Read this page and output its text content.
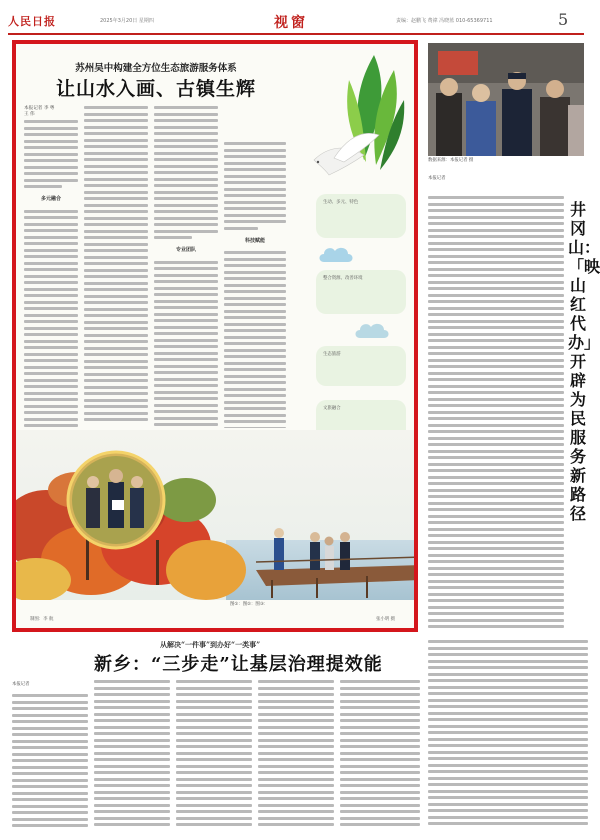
人民日报	2025年3月20日 星期四	视窗	责编：赵鹏飞 费禕 冯晓蓝 010-65369711	5
苏州吴中构建全方位生态旅游服务体系
让山水入画、古镇生辉
本报记者 李 粤
王 伟
多元融合
专业团队
科技赋能
生动、多元、特色
整合资源、改善环境
生态旅游
文旅融合
图①：图②：图③：
制图：李 航	张小明 摄
数据来源：本报记者 摄
本报记者
井冈山：「映山红代办」开辟为民服务新路径
从解决“一件事”到办好“一类事”
新乡：“三步走”让基层治理提效能
本报记者
